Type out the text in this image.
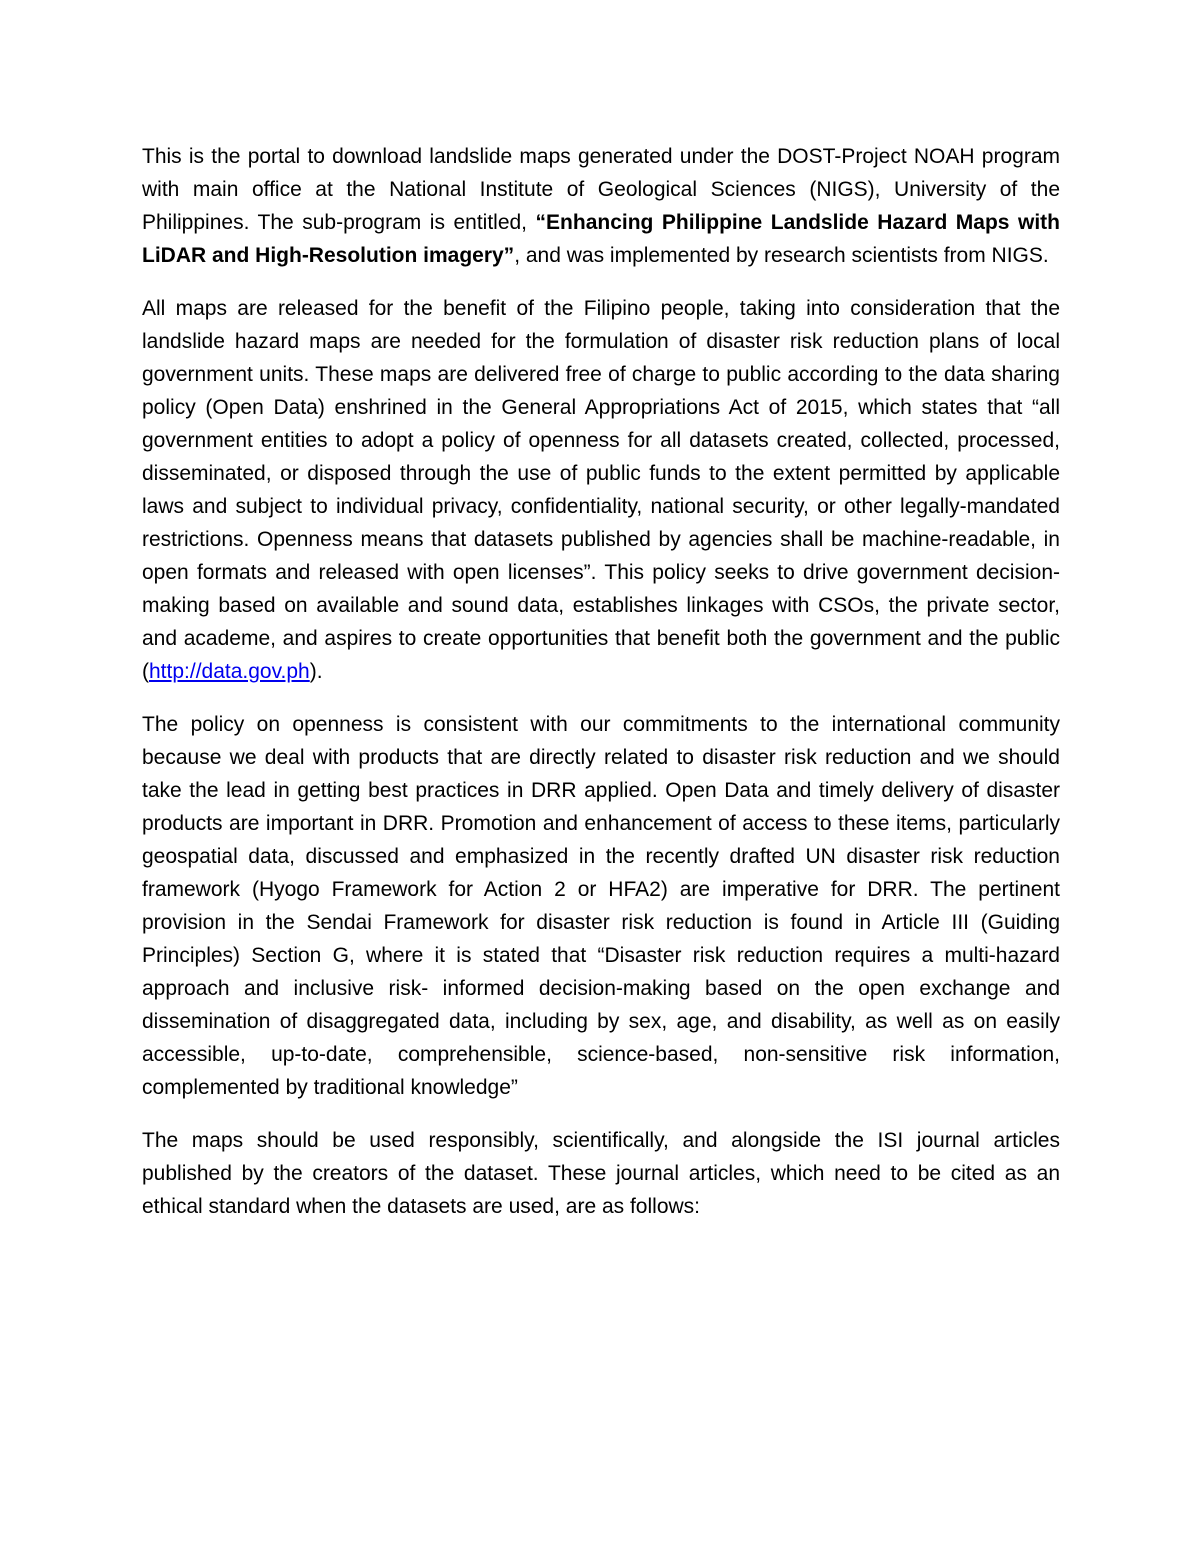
This is the portal to download landslide maps generated under the DOST-Project NOAH program with main office at the National Institute of Geological Sciences (NIGS), University of the Philippines. The sub-program is entitled, “Enhancing Philippine Landslide Hazard Maps with LiDAR and High-Resolution imagery”, and was implemented by research scientists from NIGS.

All maps are released for the benefit of the Filipino people, taking into consideration that the landslide hazard maps are needed for the formulation of disaster risk reduction plans of local government units. These maps are delivered free of charge to public according to the data sharing policy (Open Data) enshrined in the General Appropriations Act of 2015, which states that “all government entities to adopt a policy of openness for all datasets created, collected, processed, disseminated, or disposed through the use of public funds to the extent permitted by applicable laws and subject to individual privacy, confidentiality, national security, or other legally-mandated restrictions. Openness means that datasets published by agencies shall be machine-readable, in open formats and released with open licenses”. This policy seeks to drive government decision-making based on available and sound data, establishes linkages with CSOs, the private sector, and academe, and aspires to create opportunities that benefit both the government and the public (http://data.gov.ph).

The policy on openness is consistent with our commitments to the international community because we deal with products that are directly related to disaster risk reduction and we should take the lead in getting best practices in DRR applied. Open Data and timely delivery of disaster products are important in DRR. Promotion and enhancement of access to these items, particularly geospatial data, discussed and emphasized in the recently drafted UN disaster risk reduction framework (Hyogo Framework for Action 2 or HFA2) are imperative for DRR. The pertinent provision in the Sendai Framework for disaster risk reduction is found in Article III (Guiding Principles) Section G, where it is stated that “Disaster risk reduction requires a multi-hazard approach and inclusive risk- informed decision-making based on the open exchange and dissemination of disaggregated data, including by sex, age, and disability, as well as on easily accessible, up-to-date, comprehensible, science-based, non-sensitive risk information, complemented by traditional knowledge”

The maps should be used responsibly, scientifically, and alongside the ISI journal articles published by the creators of the dataset. These journal articles, which need to be cited as an ethical standard when the datasets are used, are as follows:
